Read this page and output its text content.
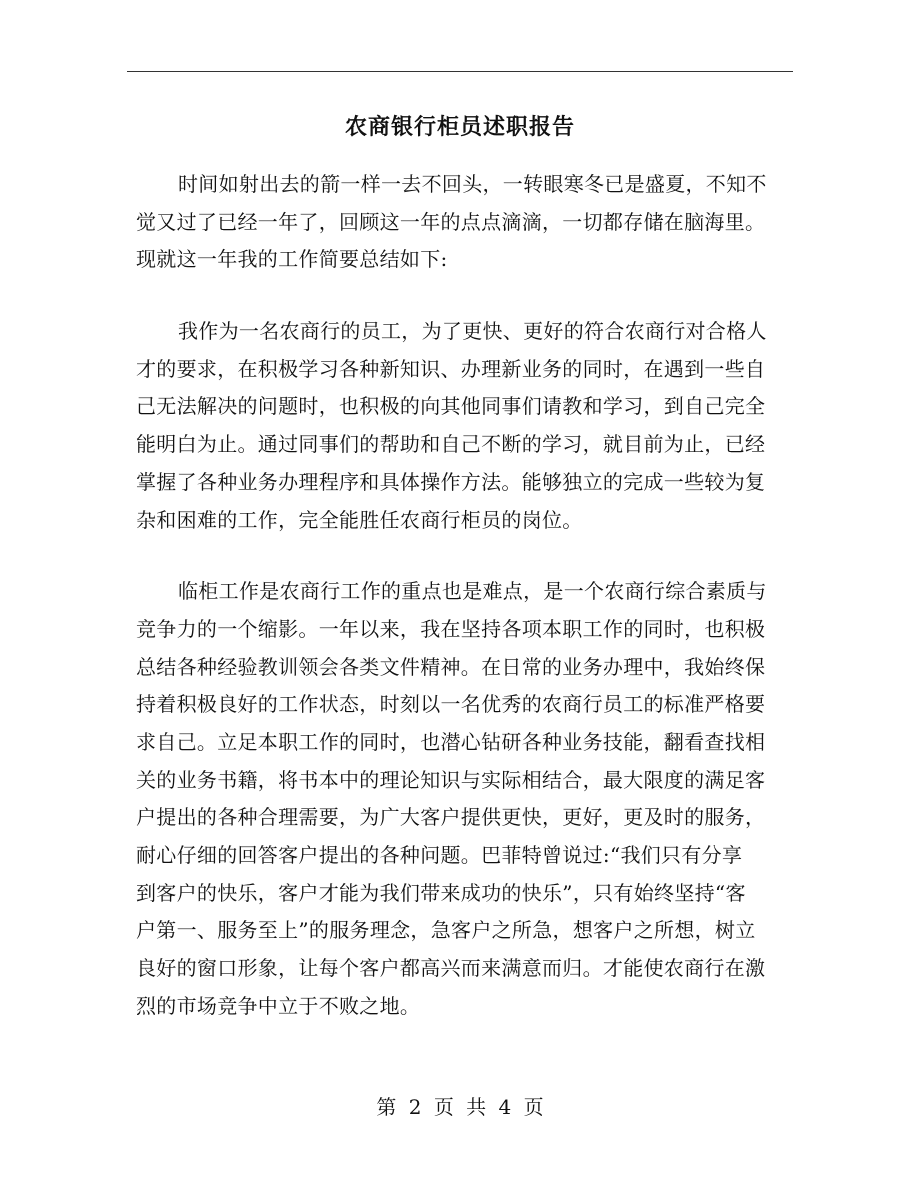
农商银行柜员述职报告
时间如射出去的箭一样一去不回头，一转眼寒冬已是盛夏，不知不
觉又过了已经一年了，回顾这一年的点点滴滴，一切都存储在脑海里。
现就这一年我的工作简要总结如下:
我作为一名农商行的员工，为了更快、更好的符合农商行对合格人
才的要求，在积极学习各种新知识、办理新业务的同时，在遇到一些自
己无法解决的问题时，也积极的向其他同事们请教和学习，到自己完全
能明白为止。通过同事们的帮助和自己不断的学习，就目前为止，已经
掌握了各种业务办理程序和具体操作方法。能够独立的完成一些较为复
杂和困难的工作，完全能胜任农商行柜员的岗位。
临柜工作是农商行工作的重点也是难点，是一个农商行综合素质与
竞争力的一个缩影。一年以来，我在坚持各项本职工作的同时，也积极
总结各种经验教训领会各类文件精神。在日常的业务办理中，我始终保
持着积极良好的工作状态，时刻以一名优秀的农商行员工的标准严格要
求自己。立足本职工作的同时，也潜心钻研各种业务技能，翻看查找相
关的业务书籍，将书本中的理论知识与实际相结合，最大限度的满足客
户提出的各种合理需要，为广大客户提供更快，更好，更及时的服务，
耐心仔细的回答客户提出的各种问题。巴菲特曾说过:“我们只有分享
到客户的快乐，客户才能为我们带来成功的快乐”，只有始终坚持“客
户第一、服务至上”的服务理念，急客户之所急，想客户之所想，树立
良好的窗口形象，让每个客户都高兴而来满意而归。才能使农商行在激
烈的市场竞争中立于不败之地。
第 2 页 共 4 页
